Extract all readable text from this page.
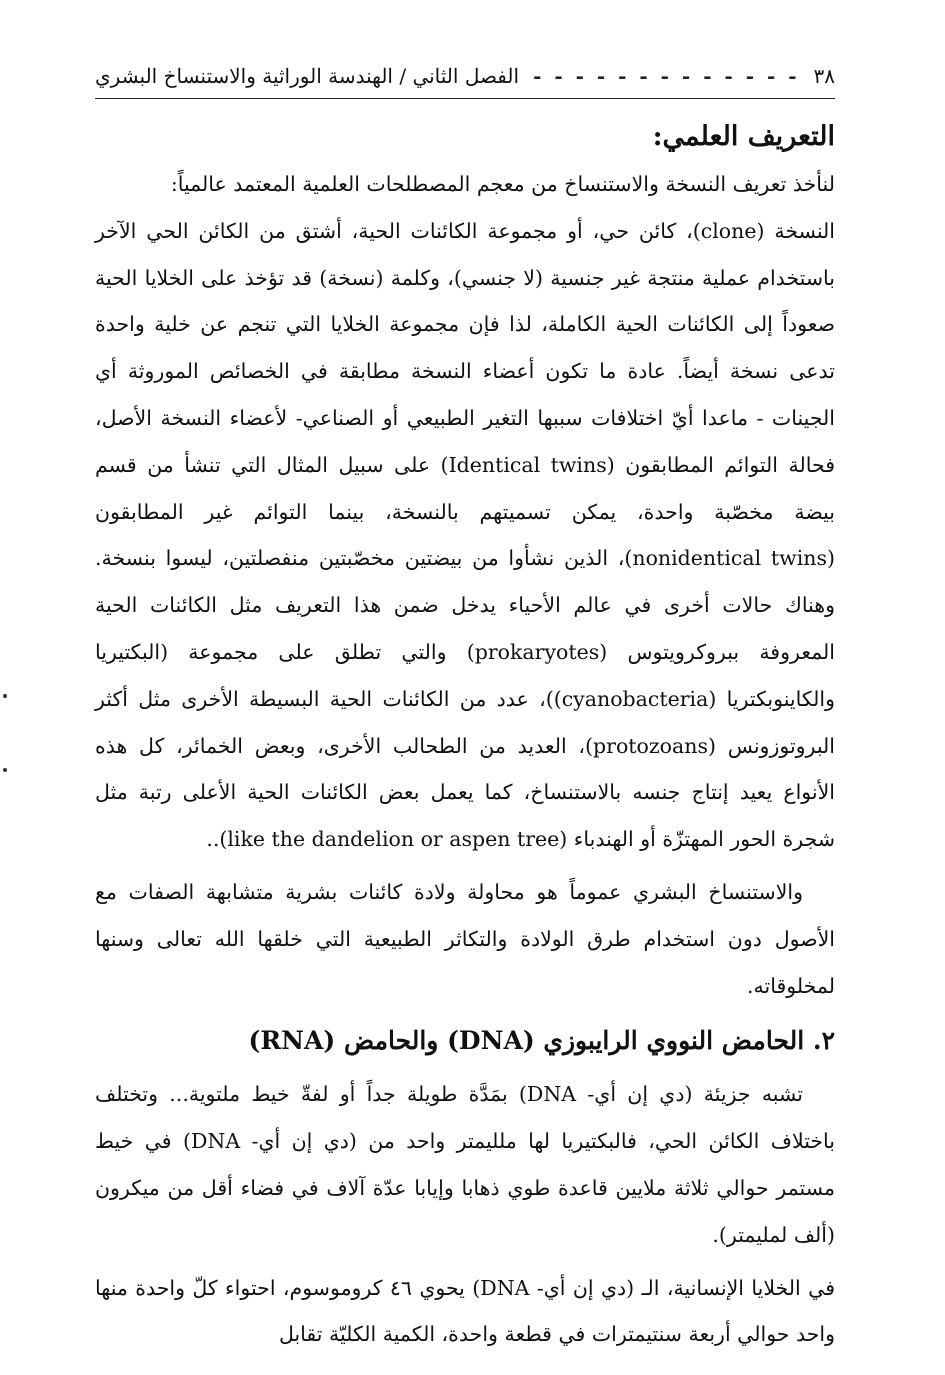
٣٨
- - - - - - - - - - - - -
الفصل الثاني / الهندسة الوراثية والاستنساخ البشري
التعريف العلمي:

لنأخذ تعريف النسخة والاستنساخ من معجم المصطلحات العلمية المعتمد عالمياً:

النسخة (clone)، كائن حي، أو مجموعة الكائنات الحية، أشتق من الكائن الحي الآخر باستخدام عملية منتجة غير جنسية (لا جنسي)، وكلمة (نسخة) قد تؤخذ على الخلايا الحية صعوداً إلى الكائنات الحية الكاملة، لذا فإن مجموعة الخلايا التي تنجم عن خلية واحدة تدعى نسخة أيضاً. عادة ما تكون أعضاء النسخة مطابقة في الخصائص الموروثة أي الجينات - ماعدا أيّ اختلافات سببها التغير الطبيعي أو الصناعي- لأعضاء النسخة الأصل، فحالة التوائم المطابقون (Identical twins) على سبيل المثال التي تنشأ من قسم بيضة مخصّبة واحدة، يمكن تسميتهم بالنسخة، بينما التوائم غير المطابقون (nonidentical twins)، الذين نشأوا من بيضتين مخصّبتين منفصلتين، ليسوا بنسخة. وهناك حالات أخرى في عالم الأحياء يدخل ضمن هذا التعريف مثل الكائنات الحية المعروفة ببروكرويتوس (prokaryotes) والتي تطلق على مجموعة (البكتيريا والكاينوبكتريا (cyanobacteria))، عدد من الكائنات الحية البسيطة الأخرى مثل أكثر البروتوزونس (protozoans)، العديد من الطحالب الأخرى، وبعض الخمائر، كل هذه الأنواع يعيد إنتاج جنسه بالاستنساخ، كما يعمل بعض الكائنات الحية الأعلى رتبة مثل شجرة الحور المهتزّة أو الهندباء (like the dandelion or aspen tree)..

والاستنساخ البشري عموماً هو محاولة ولادة كائنات بشرية متشابهة الصفات مع الأصول دون استخدام طرق الولادة والتكاثر الطبيعية التي خلقها الله تعالى وسنها لمخلوقاته.

٢. الحامض النووي الرايبوزي (DNA) والحامض (RNA)

تشبه جزيئة (دي إن أي- DNA) بمَدَّة طويلة جداً أو لفةّ خيط ملتوية... وتختلف باختلاف الكائن الحي، فالبكتيريا لها ملليمتر واحد من (دي إن أي- DNA) في خيط مستمر حوالي ثلاثة ملايين قاعدة طوي ذهابا وإيابا عدّة آلاف في فضاء أقل من ميكرون (ألف لمليمتر).

في الخلايا الإنسانية، الـ (دي إن أي- DNA) يحوي ٤٦ كروموسوم، احتواء كلّ واحدة منها واحد حوالي أربعة سنتيمترات في قطعة واحدة، الكمية الكليّة تقابل
